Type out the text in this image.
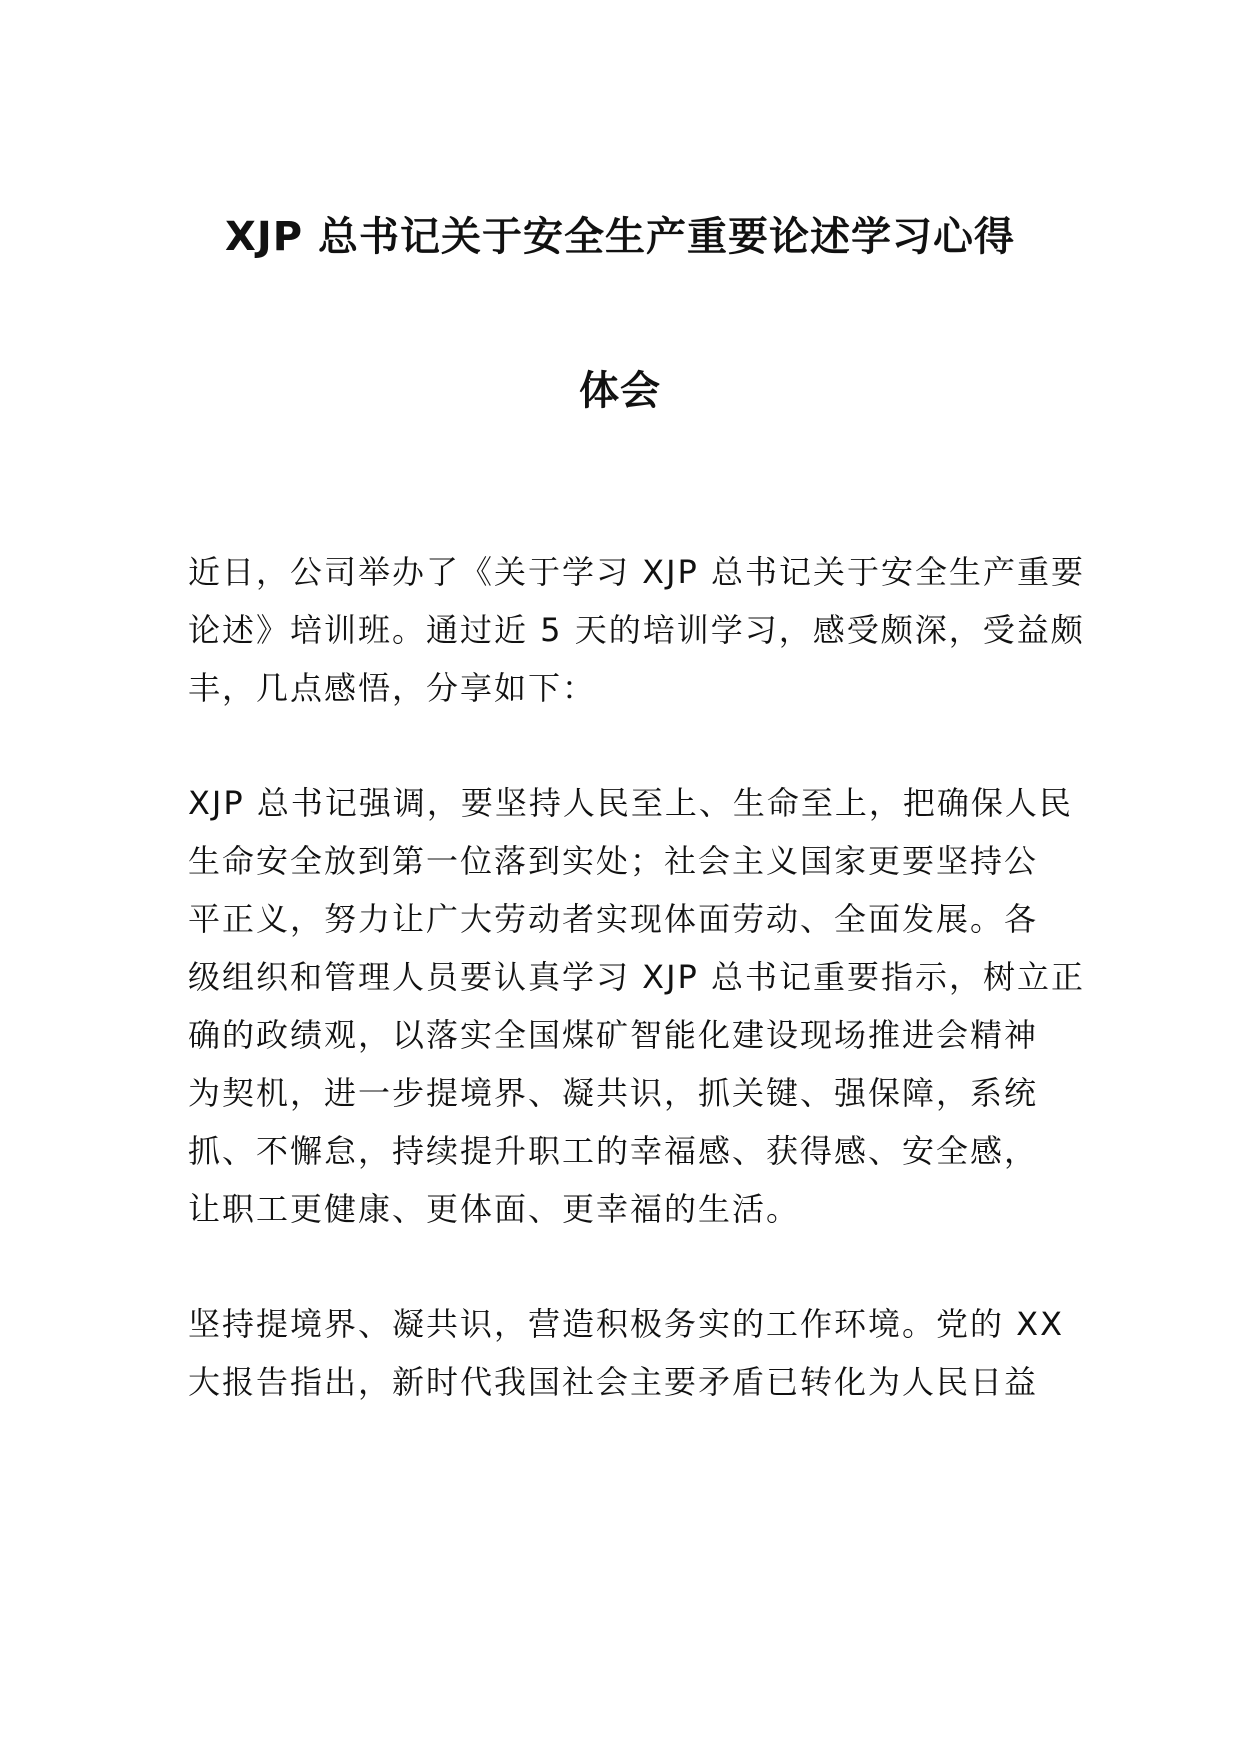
XJP 总书记关于安全生产重要论述学习心得
体会

近日，公司举办了《关于学习 XJP 总书记关于安全生产重要

论述》培训班。通过近 5 天的培训学习，感受颇深，受益颇

丰，几点感悟，分享如下：

XJP 总书记强调，要坚持人民至上、生命至上，把确保人民

生命安全放到第一位落到实处；社会主义国家更要坚持公

平正义，努力让广大劳动者实现体面劳动、全面发展。各

级组织和管理人员要认真学习 XJP 总书记重要指示，树立正

确的政绩观，以落实全国煤矿智能化建设现场推进会精神

为契机，进一步提境界、凝共识，抓关键、强保障，系统

抓、不懈怠，持续提升职工的幸福感、获得感、安全感，

让职工更健康、更体面、更幸福的生活。

坚持提境界、凝共识，营造积极务实的工作环境。党的 XX

大报告指出，新时代我国社会主要矛盾已转化为人民日益
